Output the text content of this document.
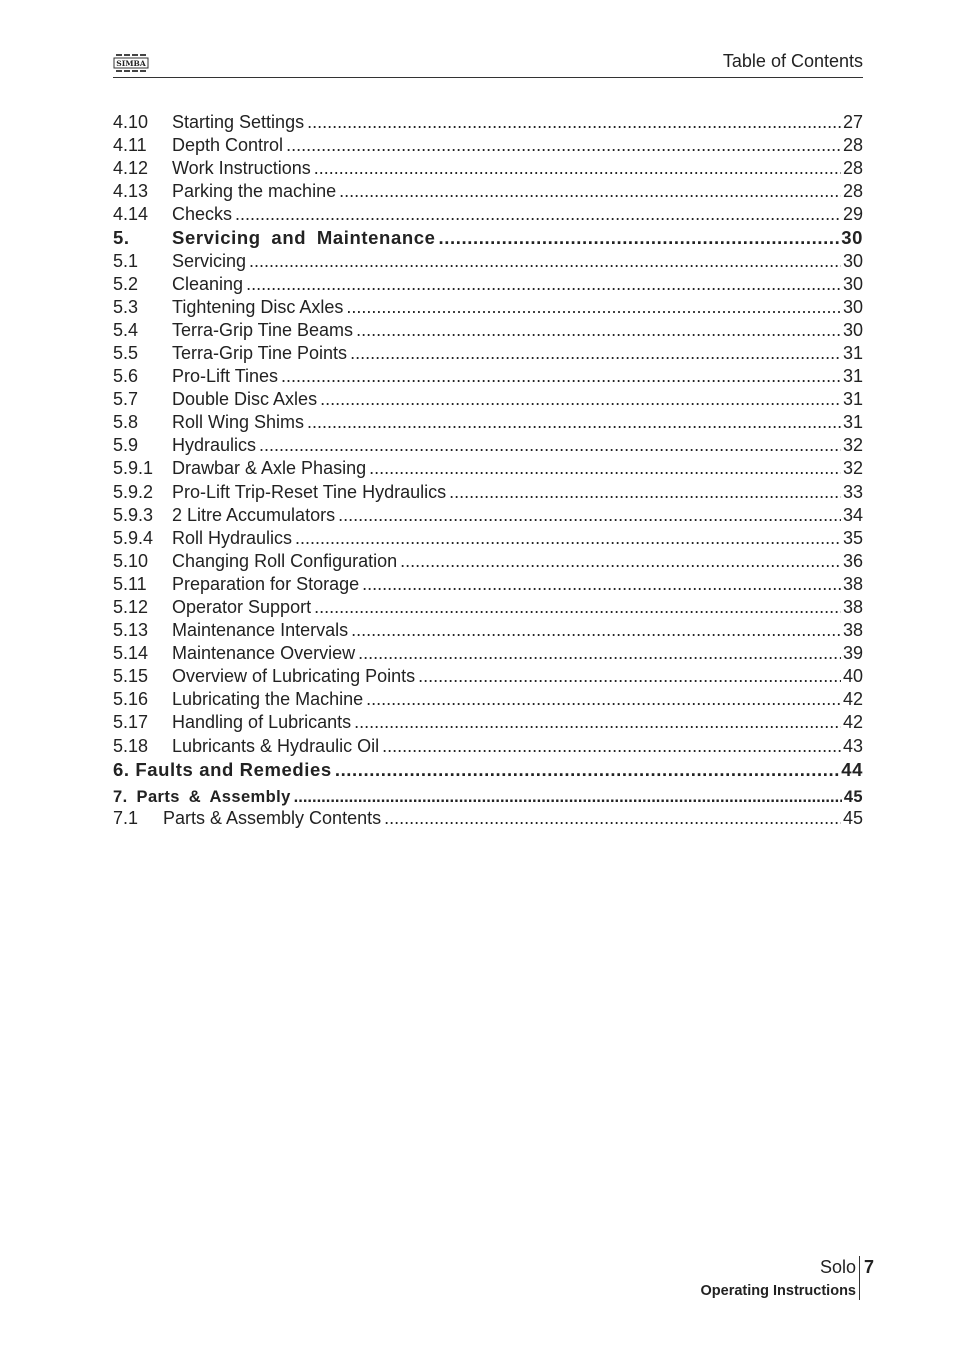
SIMBA	Table of Contents
4.10	Starting Settings .....	27
4.11	Depth Control .....	28
4.12	Work Instructions .....	28
4.13	Parking the machine .....	28
4.14	Checks .....	29
5.	Servicing and Maintenance .....	30
5.1	Servicing .....	30
5.2	Cleaning .....	30
5.3	Tightening Disc Axles .....	30
5.4	Terra-Grip Tine Beams .....	30
5.5	Terra-Grip Tine Points .....	31
5.6	Pro-Lift Tines .....	31
5.7	Double Disc Axles .....	31
5.8	Roll Wing Shims .....	31
5.9	Hydraulics .....	32
5.9.1	Drawbar & Axle Phasing .....	32
5.9.2	Pro-Lift Trip-Reset Tine Hydraulics .....	33
5.9.3	2 Litre Accumulators .....	34
5.9.4	Roll Hydraulics .....	35
5.10	Changing Roll Configuration .....	36
5.11	Preparation for Storage .....	38
5.12	Operator Support .....	38
5.13	Maintenance Intervals .....	38
5.14	Maintenance Overview .....	39
5.15	Overview of Lubricating Points .....	40
5.16	Lubricating the Machine .....	42
5.17	Handling of Lubricants .....	42
5.18	Lubricants & Hydraulic Oil .....	43
6. Faults and Remedies .....	44
7. Parts & Assembly .....	45
7.1	Parts & Assembly Contents .....	45
Solo
Operating Instructions
7
